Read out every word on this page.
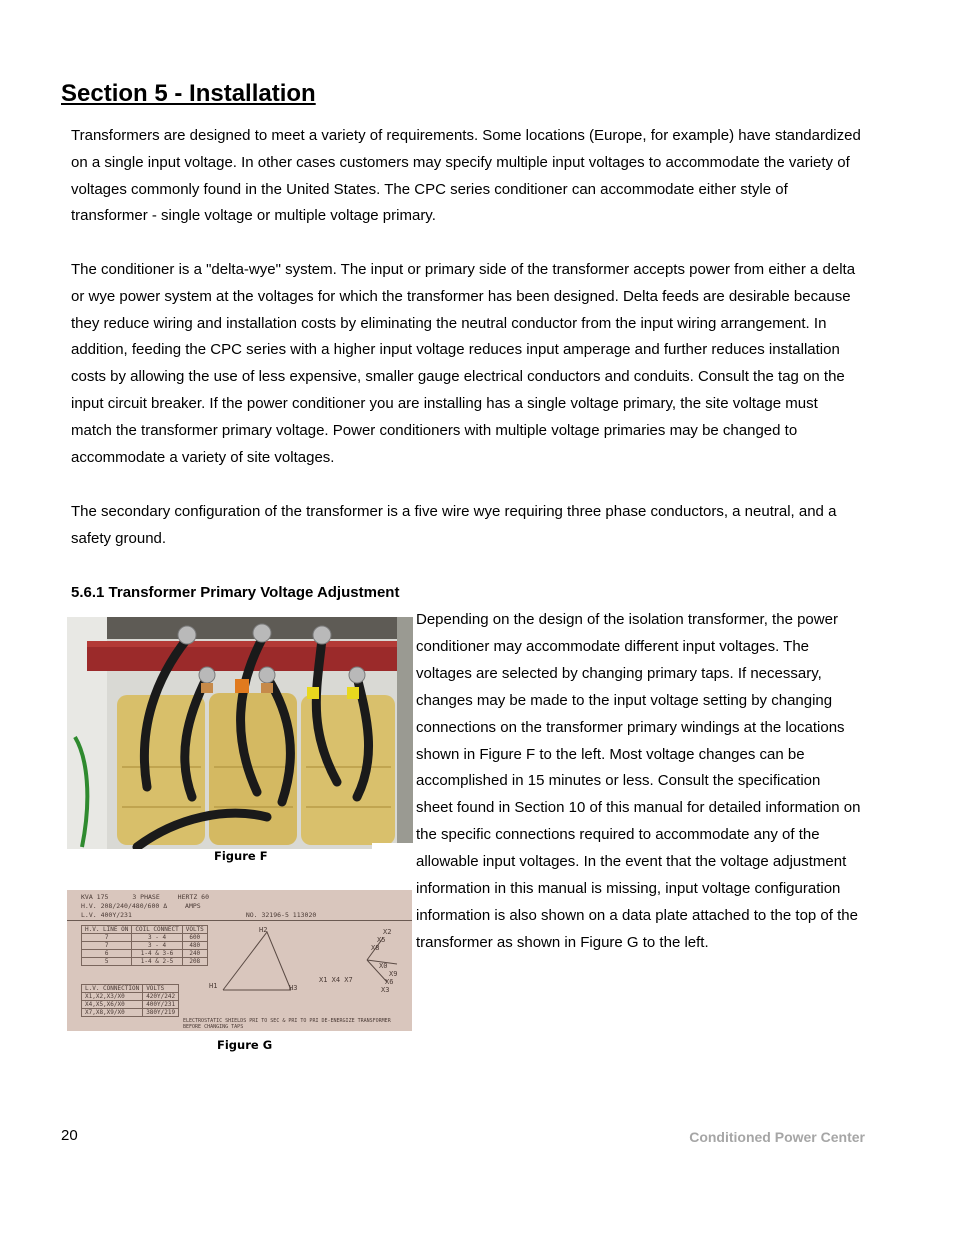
Section 5 - Installation

Transformers are designed to meet a variety of requirements. Some locations (Europe, for example) have standardized on a single input voltage. In other cases customers may specify multiple input voltages to accommodate the variety of voltages commonly found in the United States. The CPC series conditioner can accommodate either style of transformer - single voltage or multiple voltage primary.

The conditioner is a "delta-wye" system. The input or primary side of the transformer accepts power from either a delta or wye power system at the voltages for which the transformer has been designed. Delta feeds are desirable because they reduce wiring and installation costs by eliminating the neutral conductor from the input wiring arrangement. In addition, feeding the CPC series with a higher input voltage reduces input amperage and further reduces installation costs by allowing the use of less expensive, smaller gauge electrical conductors and conduits. Consult the tag on the input circuit breaker. If the power conditioner you are installing has a single voltage primary, the site voltage must match the transformer primary voltage. Power conditioners with multiple voltage primaries may be changed to accommodate a variety of site voltages.

The secondary configuration of the transformer is a five wire wye requiring three phase conductors, a neutral, and a safety ground.

5.6.1 Transformer Primary Voltage Adjustment

Depending on the design of the isolation transformer, the power conditioner may accommodate different input voltages. The voltages are selected by changing primary taps. If necessary, changes may be made to the input voltage setting by changing connections on the transformer primary windings at the locations shown in Figure F to the left. Most voltage changes can be accomplished in 15 minutes or less. Consult the specification sheet found in Section 10 of this manual for detailed information on the specific connections required to accommodate any of the allowable input voltages. In the event that the voltage adjustment information in this manual is missing, input voltage configuration information is also shown on a data plate attached to the top of the transformer as shown in Figure G to the left.

Figure F
KVA 175	3 PHASE	HERTZ 60
H.V. 208/240/480/600 Δ	AMPS
L.V. 400Y/231	NO. 32196-5 113020
H.V. LINE ON	COIL CONNECT	VOLTS
7	3 - 4	600
7	3 - 4	480
6	1-4 & 3-6	240
5	1-4 & 2-5	208
L.V. CONNECTION	VOLTS
X1,X2,X3/X0	420Y/242
X4,X5,X6/X0	400Y/231
X7,X8,X9/X0	380Y/219
H1
H2
H3
X1 X4 X7
X2
X5
X8
X0
X9
X6
X3
ELECTROSTATIC SHIELDS PRI TO SEC & PRI TO PRI DE-ENERGIZE TRANSFORMER BEFORE CHANGING TAPS
Figure G
20	Conditioned Power Center
